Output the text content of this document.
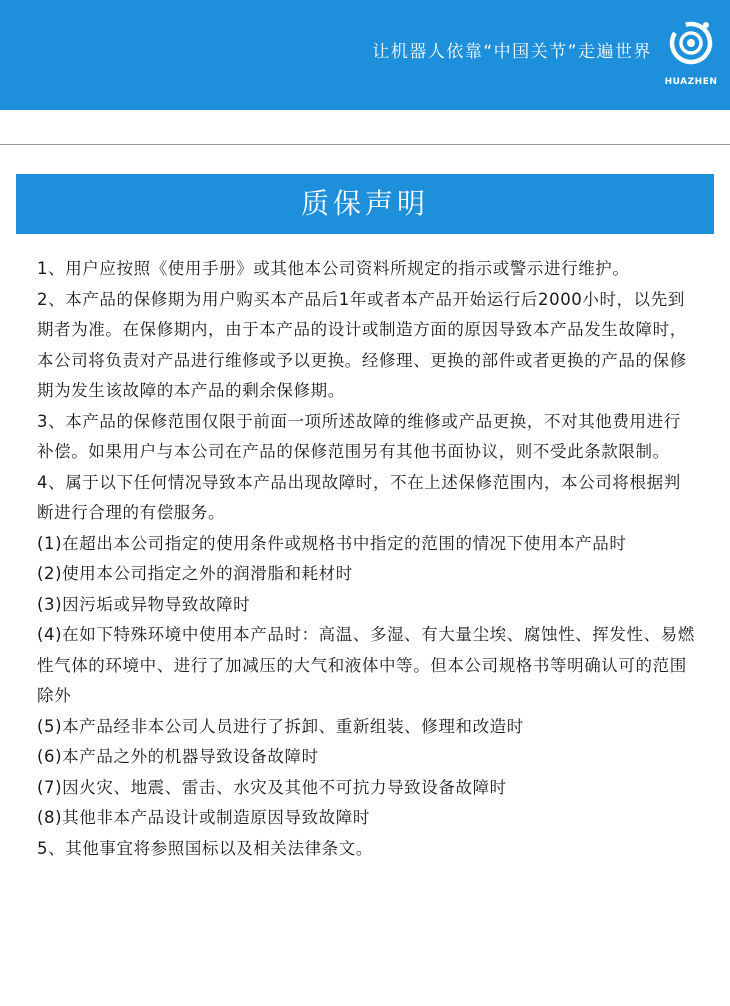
让机器人依靠“中国关节”走遍世界
HUAZHEN
质保声明

1、用户应按照《使用手册》或其他本公司资料所规定的指示或警示进行维护。

2、本产品的保修期为用户购买本产品后1年或者本产品开始运行后2000小时，以先到期者为准。在保修期内，由于本产品的设计或制造方面的原因导致本产品发生故障时，本公司将负责对产品进行维修或予以更换。经修理、更换的部件或者更换的产品的保修期为发生该故障的本产品的剩余保修期。

3、本产品的保修范围仅限于前面一项所述故障的维修或产品更换，不对其他费用进行补偿。如果用户与本公司在产品的保修范围另有其他书面协议，则不受此条款限制。

4、属于以下任何情况导致本产品出现故障时，不在上述保修范围内，本公司将根据判断进行合理的有偿服务。

(1)在超出本公司指定的使用条件或规格书中指定的范围的情况下使用本产品时

(2)使用本公司指定之外的润滑脂和耗材时

(3)因污垢或异物导致故障时

(4)在如下特殊环境中使用本产品时：高温、多湿、有大量尘埃、腐蚀性、挥发性、易燃性气体的环境中、进行了加减压的大气和液体中等。但本公司规格书等明确认可的范围除外

(5)本产品经非本公司人员进行了拆卸、重新组装、修理和改造时

(6)本产品之外的机器导致设备故障时

(7)因火灾、地震、雷击、水灾及其他不可抗力导致设备故障时

(8)其他非本产品设计或制造原因导致故障时

5、其他事宜将参照国标以及相关法律条文。
